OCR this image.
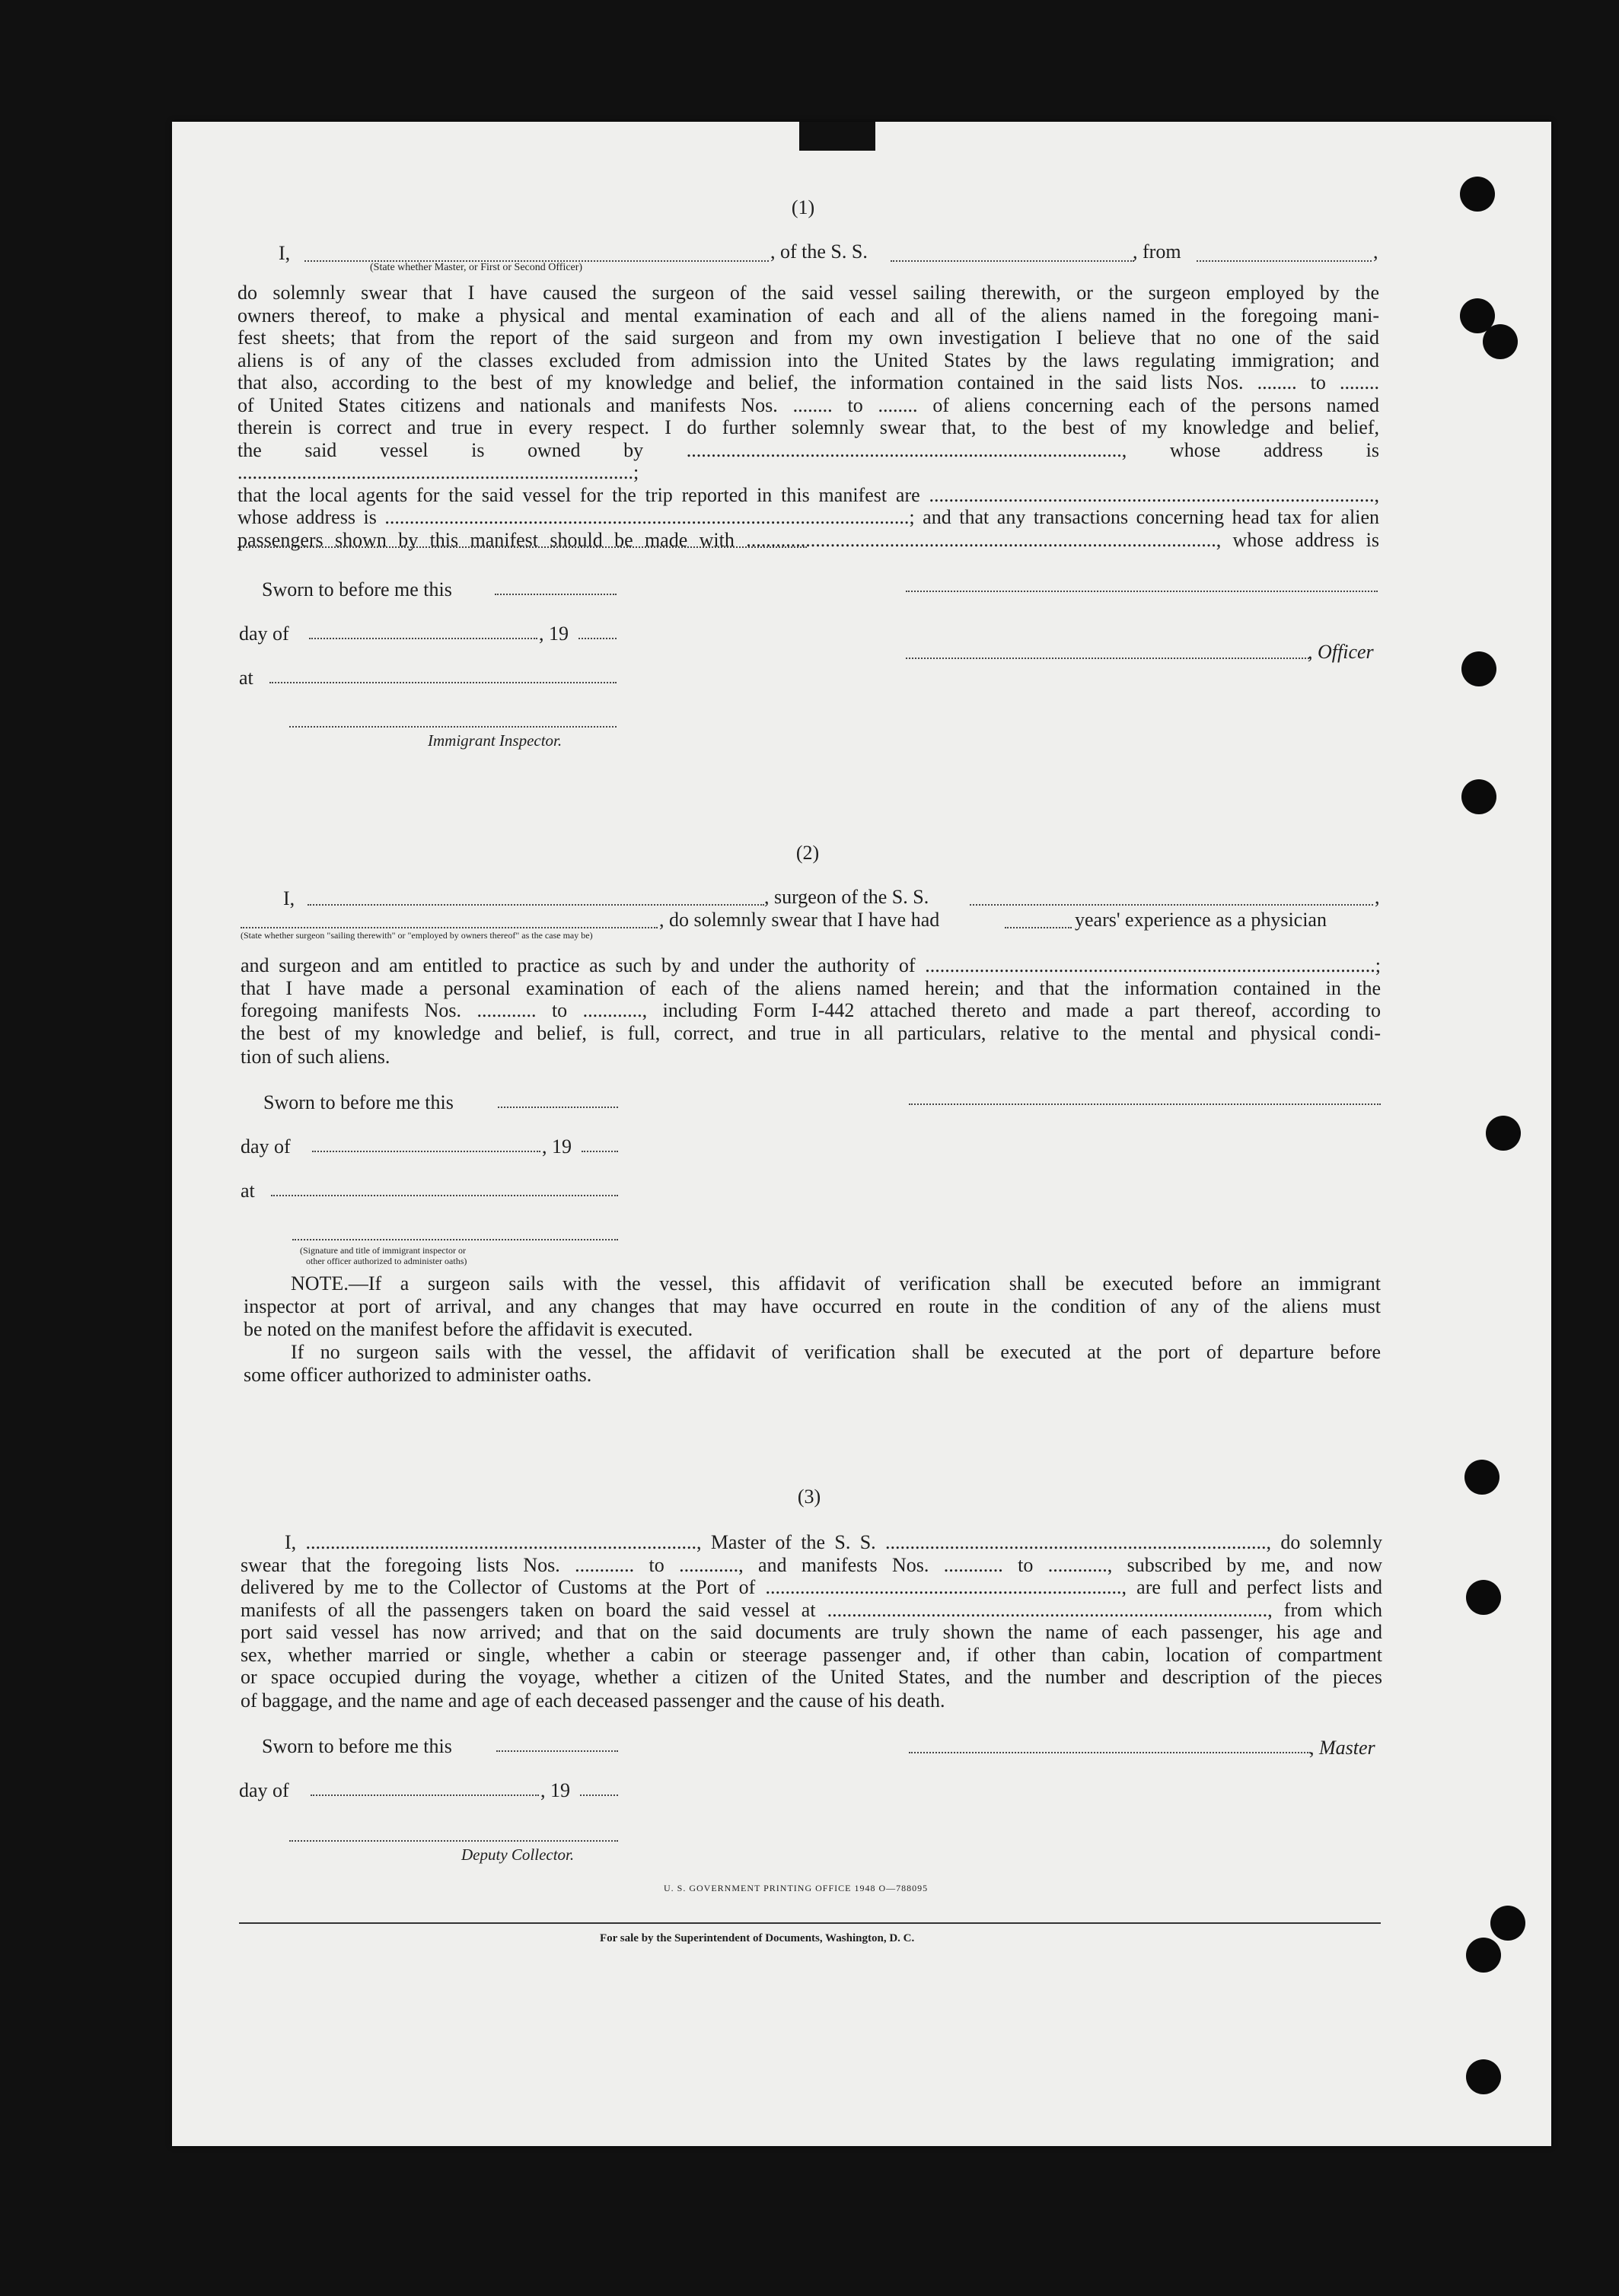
(1)
I,	, of the S. S.	, from	,
(State whether Master, or First or Second Officer)
do solemnly swear that I have caused the surgeon of the said vessel sailing therewith, or the surgeon employed by the
owners thereof, to make a physical and mental examination of each and all of the aliens named in the foregoing mani-
fest sheets; that from the report of the said surgeon and from my own investigation I believe that no one of the said
aliens is of any of the classes excluded from admission into the United States by the laws regulating immigration; and
that also, according to the best of my knowledge and belief, the information contained in the said lists Nos. ........ to ........
of United States citizens and nationals and manifests Nos. ........ to ........ of aliens concerning each of the persons named
therein is correct and true in every respect. I do further solemnly swear that, to the best of my knowledge and belief,
the said vessel is owned by ........................................................................................, whose address is ................................................................................;
that the local agents for the said vessel for the trip reported in this manifest are ..........................................................................................,
whose address is ..........................................................................................................; and that any transactions concerning head tax for alien
passengers shown by this manifest should be made with ..............................................................................................., whose address is
Sworn to before me this
day of	, 19
, Officer
at
Immigrant Inspector.
(2)
I,	, surgeon of the S. S.	,
, do solemnly swear that I have had	years' experience as a physician
(State whether surgeon "sailing therewith" or "employed by owners thereof" as the case may be)
and surgeon and am entitled to practice as such by and under the authority of ...........................................................................................;
that I have made a personal examination of each of the aliens named herein; and that the information contained in the
foregoing manifests Nos. ............ to ............, including Form I-442 attached thereto and made a part thereof, according to
the best of my knowledge and belief, is full, correct, and true in all particulars, relative to the mental and physical condi-
tion of such aliens.
Sworn to before me this
day of	, 19
at
(Signature and title of immigrant inspector or
other officer authorized to administer oaths)
NOTE.—If a surgeon sails with the vessel, this affidavit of verification shall be executed before an immigrant
inspector at port of arrival, and any changes that may have occurred en route in the condition of any of the aliens must
be noted on the manifest before the affidavit is executed.
If no surgeon sails with the vessel, the affidavit of verification shall be executed at the port of departure before
some officer authorized to administer oaths.
(3)
I, ..............................................................................., Master of the S. S. ............................................................................., do solemnly
swear that the foregoing lists Nos. ............ to ............, and manifests Nos. ............ to ............, subscribed by me, and now
delivered by me to the Collector of Customs at the Port of ........................................................................, are full and perfect lists and
manifests of all the passengers taken on board the said vessel at ........................................................................................., from which
port said vessel has now arrived; and that on the said documents are truly shown the name of each passenger, his age and
sex, whether married or single, whether a cabin or steerage passenger and, if other than cabin, location of compartment
or space occupied during the voyage, whether a citizen of the United States, and the number and description of the pieces
of baggage, and the name and age of each deceased passenger and the cause of his death.
Sworn to before me this	, Master
day of	, 19
Deputy Collector.
U. S. GOVERNMENT PRINTING OFFICE 1948 O—788095
For sale by the Superintendent of Documents, Washington, D. C.
